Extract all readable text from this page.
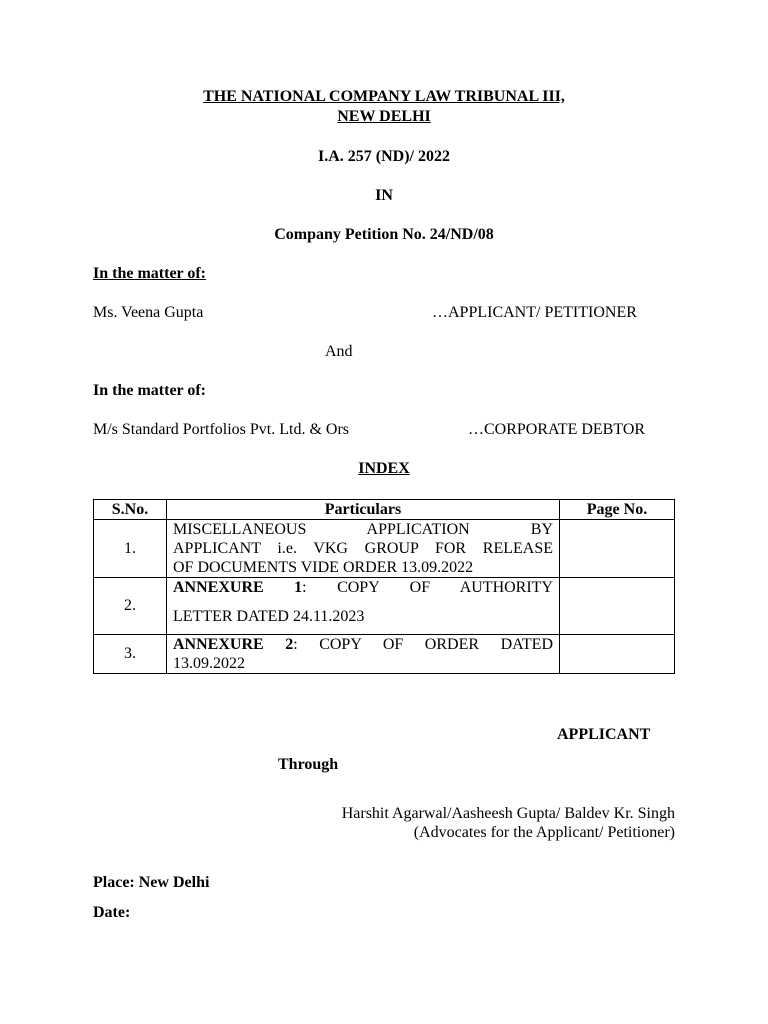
THE NATIONAL COMPANY LAW TRIBUNAL III,
NEW DELHI
I.A. 257 (ND)/ 2022
IN
Company Petition No. 24/ND/08
In the matter of:
Ms. Veena Gupta	…APPLICANT/ PETITIONER
And
In the matter of:
M/s Standard Portfolios Pvt. Ltd. & Ors	…CORPORATE DEBTOR
INDEX
S.No.	Particulars	Page No.
1.	MISCELLANEOUS APPLICATION BY
APPLICANT i.e. VKG GROUP FOR RELEASE
OF DOCUMENTS VIDE ORDER 13.09.2022	

2.	ANNEXURE 1: COPY OF AUTHORITY
LETTER DATED 24.11.2023	

3.	ANNEXURE 2: COPY OF ORDER DATED
13.09.2022	

APPLICANT
Through
Harshit Agarwal/Aasheesh Gupta/ Baldev Kr. Singh
(Advocates for the Applicant/ Petitioner)
Place: New Delhi
Date:
